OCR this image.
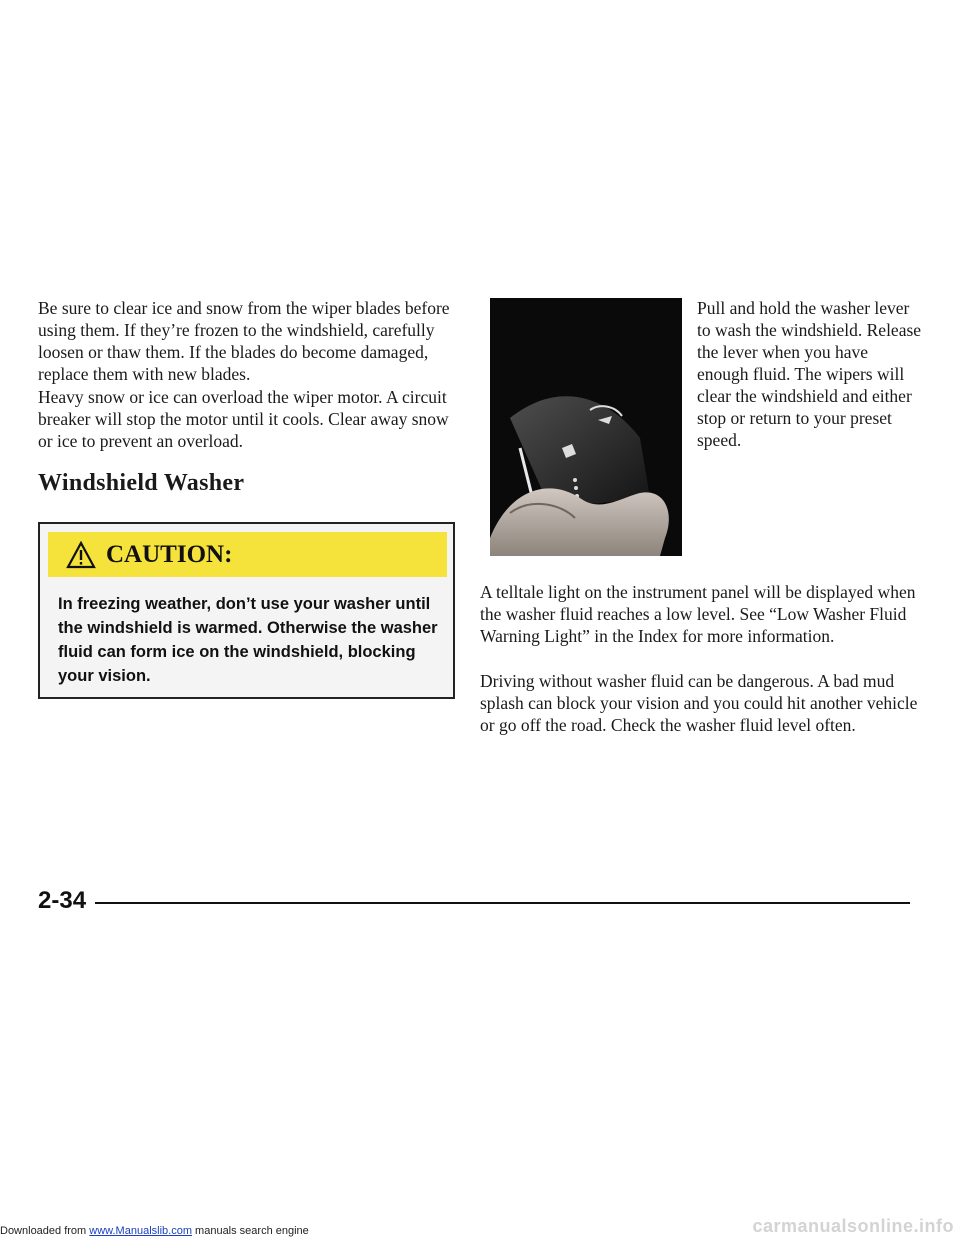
Be sure to clear ice and snow from the wiper blades before using them. If they’re frozen to the windshield, carefully loosen or thaw them. If the blades do become damaged, replace them with new blades.

Heavy snow or ice can overload the wiper motor. A circuit breaker will stop the motor until it cools. Clear away snow or ice to prevent an overload.

Windshield Washer
CAUTION:

In freezing weather, don’t use your washer until the windshield is warmed. Otherwise the washer fluid can form ice on the windshield, blocking your vision.

Pull and hold the washer lever to wash the windshield. Release the lever when you have enough fluid. The wipers will clear the windshield and either stop or return to your preset speed.

A telltale light on the instrument panel will be displayed when the washer fluid reaches a low level. See “Low Washer Fluid Warning Light” in the Index for more information.

Driving without washer fluid can be dangerous. A bad mud splash can block your vision and you could hit another vehicle or go off the road. Check the washer fluid level often.

2-34

Downloaded from www.Manualslib.com manuals search engine	carmanualsonline.info
